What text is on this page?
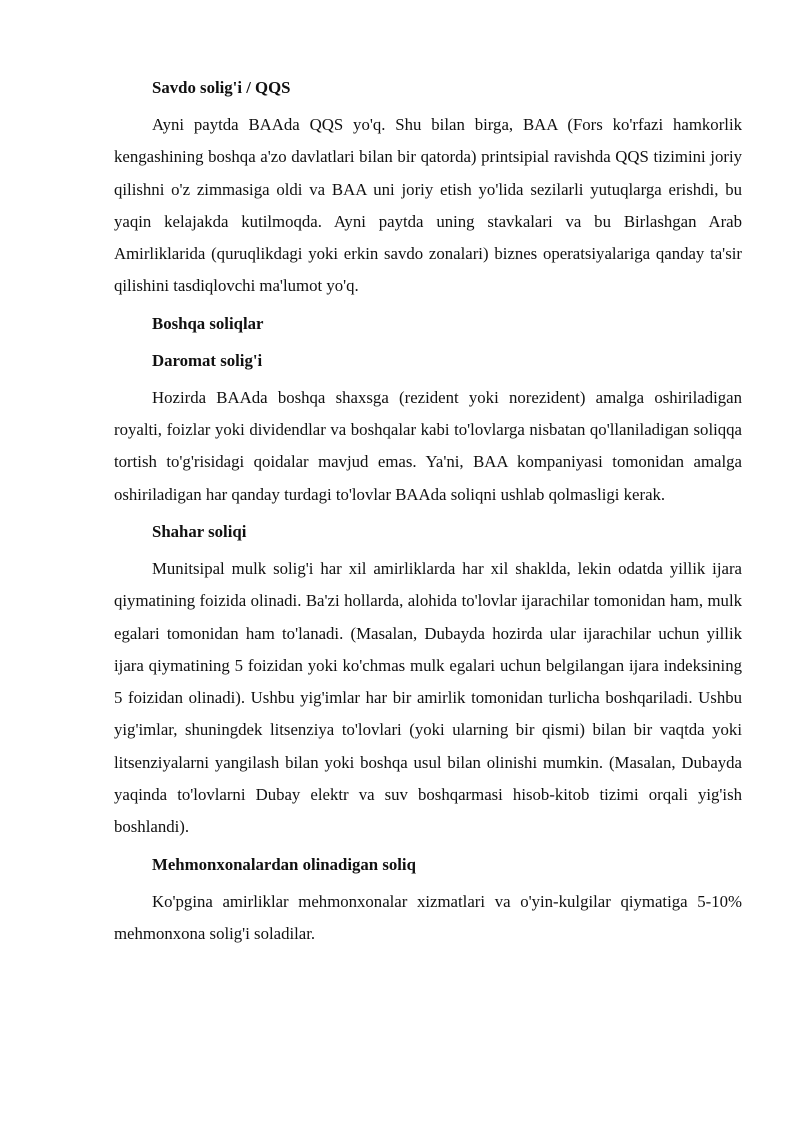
Savdo solig'i / QQS
Ayni paytda BAAda QQS yo'q. Shu bilan birga, BAA (Fors ko'rfazi hamkorlik kengashining boshqa a'zo davlatlari bilan bir qatorda) printsipial ravishda QQS tizimini joriy qilishni o'z zimmasiga oldi va BAA uni joriy etish yo'lida sezilarli yutuqlarga erishdi, bu yaqin kelajakda kutilmoqda. Ayni paytda uning stavkalari va bu Birlashgan Arab Amirliklarida (quruqlikdagi yoki erkin savdo zonalari) biznes operatsiyalariga qanday ta'sir qilishini tasdiqlovchi ma'lumot yo'q.
Boshqa soliqlar
Daromat solig'i
Hozirda BAAda boshqa shaxsga (rezident yoki norezident) amalga oshiriladigan royalti, foizlar yoki dividendlar va boshqalar kabi to'lovlarga nisbatan qo'llaniladigan soliqqa tortish to'g'risidagi qoidalar mavjud emas. Ya'ni, BAA kompaniyasi tomonidan amalga oshiriladigan har qanday turdagi to'lovlar BAAda soliqni ushlab qolmasligi kerak.
Shahar soliqi
Munitsipal mulk solig'i har xil amirliklarda har xil shaklda, lekin odatda yillik ijara qiymatining foizida olinadi. Ba'zi hollarda, alohida to'lovlar ijarachilar tomonidan ham, mulk egalari tomonidan ham to'lanadi. (Masalan, Dubayda hozirda ular ijarachilar uchun yillik ijara qiymatining 5 foizidan yoki ko'chmas mulk egalari uchun belgilangan ijara indeksining 5 foizidan olinadi). Ushbu yig'imlar har bir amirlik tomonidan turlicha boshqariladi. Ushbu yig'imlar, shuningdek litsenziya to'lovlari (yoki ularning bir qismi) bilan bir vaqtda yoki litsenziyalarni yangilash bilan yoki boshqa usul bilan olinishi mumkin. (Masalan, Dubayda yaqinda to'lovlarni Dubay elektr va suv boshqarmasi hisob-kitob tizimi orqali yig'ish boshlandi).
Mehmonxonalardan olinadigan soliq
Ko'pgina amirliklar mehmonxonalar xizmatlari va o'yin-kulgilar qiymatiga 5-10% mehmonxona solig'i soladilar.
